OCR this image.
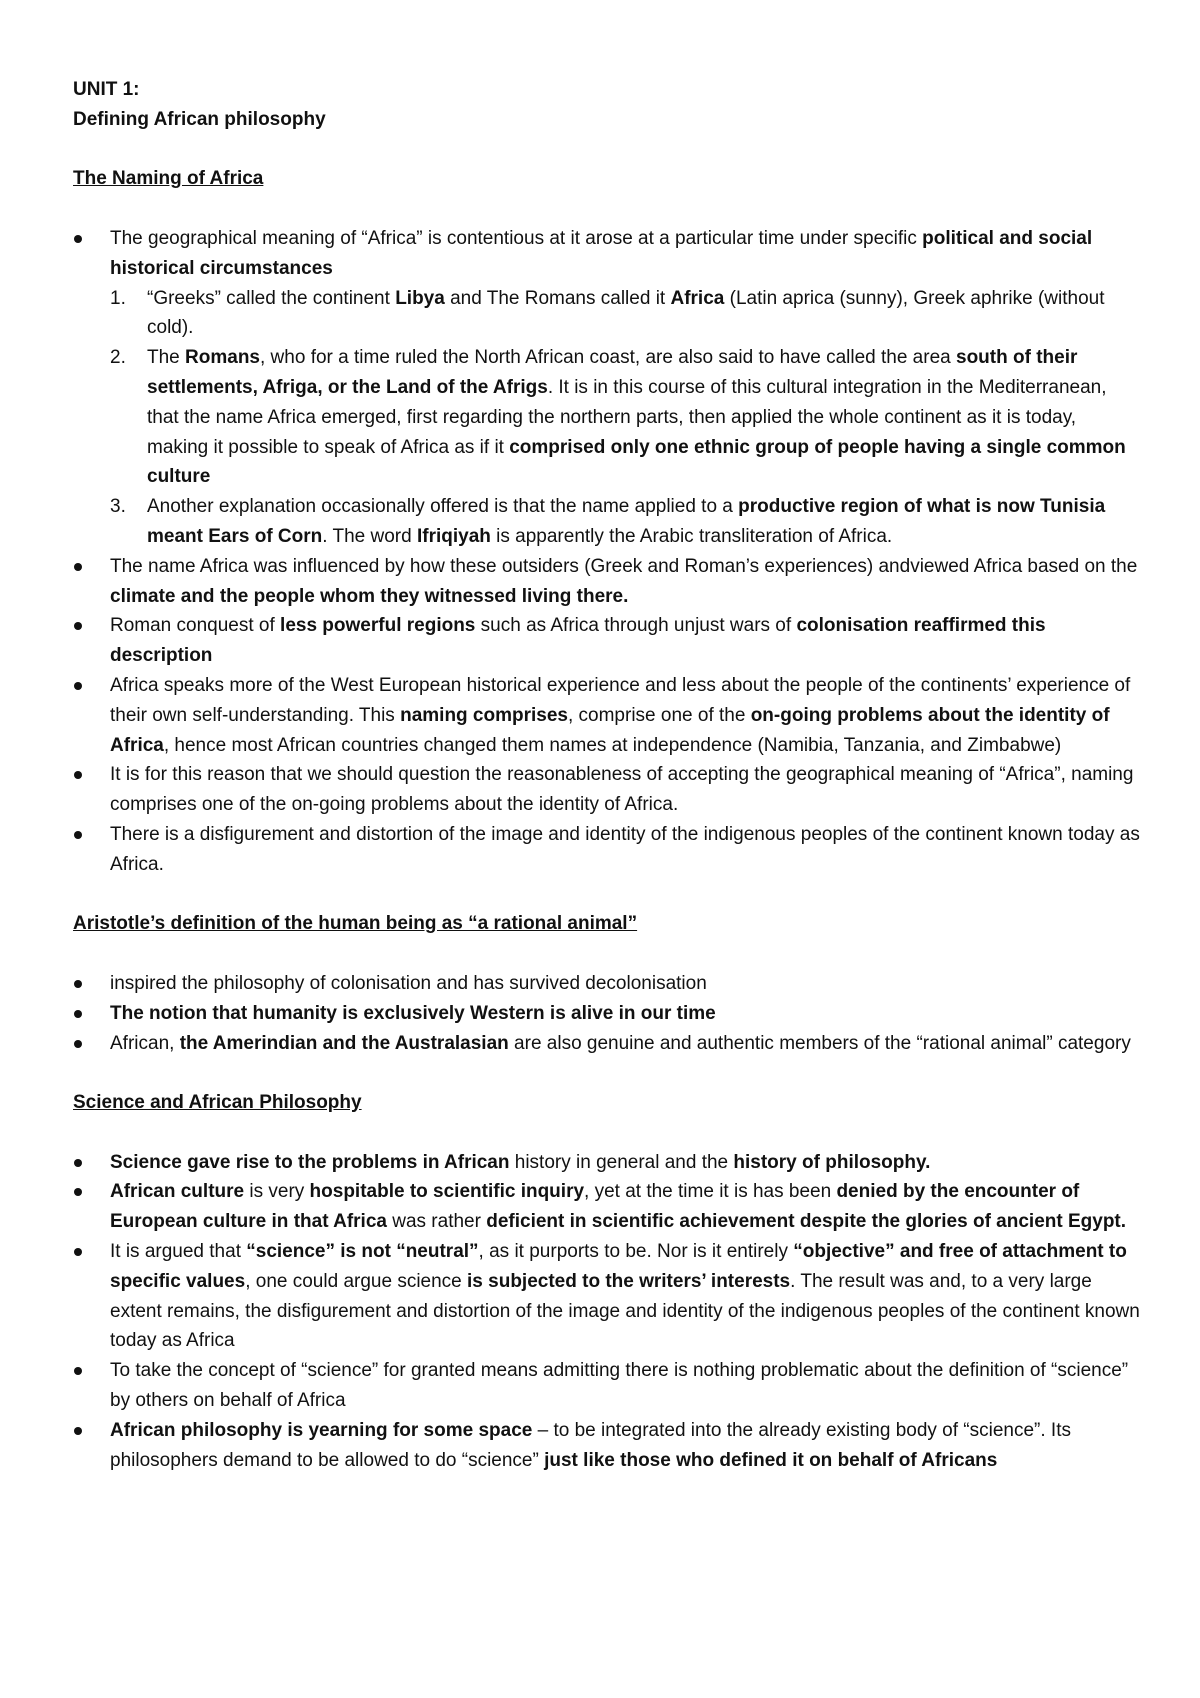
UNIT 1:

Defining African philosophy

The Naming of Africa

The geographical meaning of “Africa” is contentious at it arose at a particular time under specific political and social historical circumstances
1. “Greeks” called the continent Libya and The Romans called it Africa (Latin aprica (sunny), Greek aphrike (without cold).
2. The Romans, who for a time ruled the North African coast, are also said to have called the area south of their settlements, Afriga, or the Land of the Afrigs. It is in this course of this cultural integration in the Mediterranean, that the name Africa emerged, first regarding the northern parts, then applied the whole continent as it is today, making it possible to speak of Africa as if it comprised only one ethnic group of people having a single common culture
3. Another explanation occasionally offered is that the name applied to a productive region of what is now Tunisia meant Ears of Corn. The word Ifriqiyah is apparently the Arabic transliteration of Africa.
The name Africa was influenced by how these outsiders (Greek and Roman’s experiences) andviewed Africa based on the climate and the people whom they witnessed living there.
Roman conquest of less powerful regions such as Africa through unjust wars of colonisation reaffirmed this description
Africa speaks more of the West European historical experience and less about the people of the continents’ experience of their own self-understanding. This naming comprises, comprise one of the on-going problems about the identity of Africa, hence most African countries changed them names at independence (Namibia, Tanzania, and Zimbabwe)
It is for this reason that we should question the reasonableness of accepting the geographical meaning of “Africa”, naming comprises one of the on-going problems about the identity of Africa.
There is a disfigurement and distortion of the image and identity of the indigenous peoples of the continent known today as Africa.

Aristotle’s definition of the human being as “a rational animal”

inspired the philosophy of colonisation and has survived decolonisation
The notion that humanity is exclusively Western is alive in our time
African, the Amerindian and the Australasian are also genuine and authentic members of the “rational animal” category

Science and African Philosophy

Science gave rise to the problems in African history in general and the history of philosophy.
African culture is very hospitable to scientific inquiry, yet at the time it is has been denied by the encounter of European culture in that Africa was rather deficient in scientific achievement despite the glories of ancient Egypt.
It is argued that “science” is not “neutral”, as it purports to be. Nor is it entirely “objective” and free of attachment to specific values, one could argue science is subjected to the writers’ interests. The result was and, to a very large extent remains, the disfigurement and distortion of the image and identity of the indigenous peoples of the continent known today as Africa
To take the concept of “science” for granted means admitting there is nothing problematic about the definition of “science” by others on behalf of Africa
African philosophy is yearning for some space – to be integrated into the already existing body of “science”. Its philosophers demand to be allowed to do “science” just like those who defined it on behalf of Africans
